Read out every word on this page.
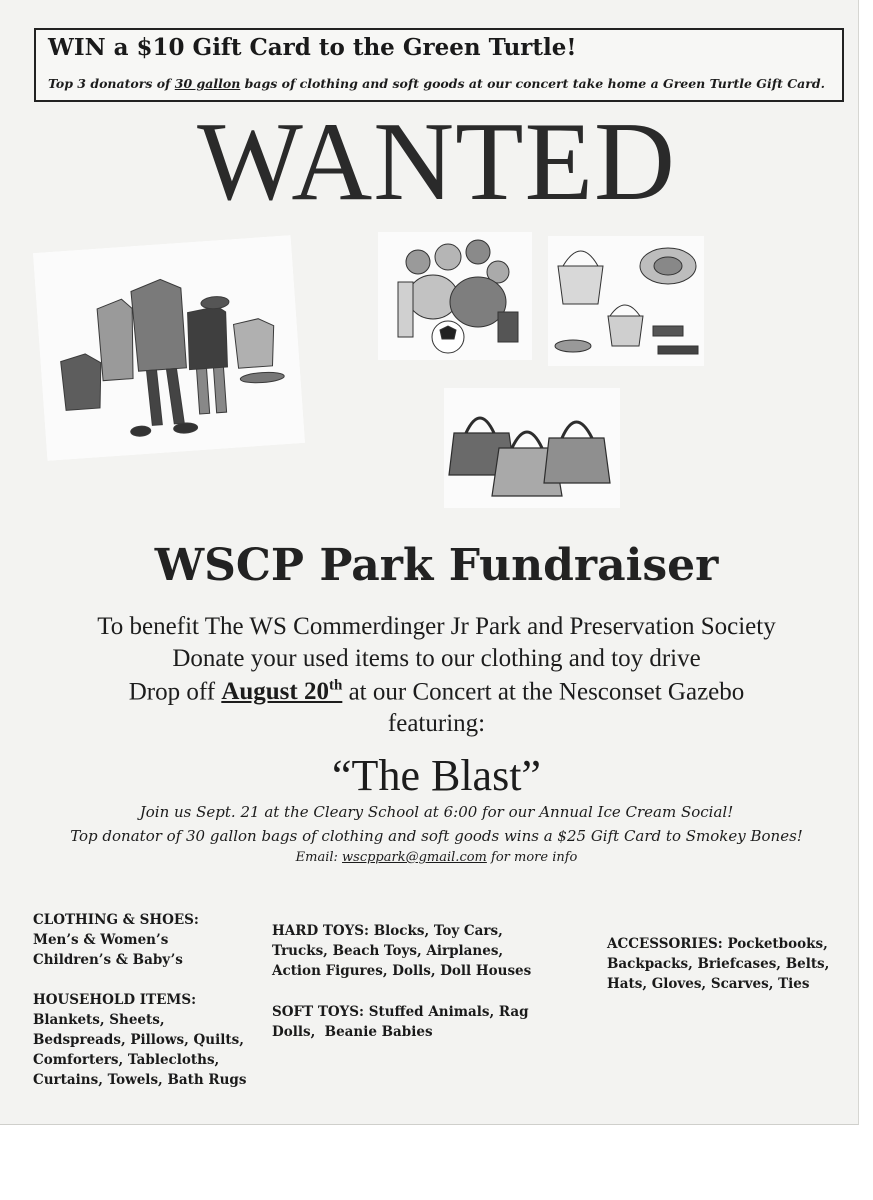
WIN a $10 Gift Card to the Green Turtle!
Top 3 donators of 30 gallon bags of clothing and soft goods at our concert take home a Green Turtle Gift Card.
WANTED
WSCP Park Fundraiser
To benefit The WS Commerdinger Jr Park and Preservation Society
Donate your used items to our clothing and toy drive
Drop off August 20th at our Concert at the Nesconset Gazebo
featuring:
“The Blast”
Join us Sept. 21 at the Cleary School at 6:00 for our Annual Ice Cream Social!
Top donator of 30 gallon bags of clothing and soft goods wins a $25 Gift Card to Smokey Bones!
Email: wscppark@gmail.com for more info
CLOTHING & SHOES:
Men’s & Women’s
Children’s & Baby’s
HOUSEHOLD ITEMS:
Blankets, Sheets,
Bedspreads, Pillows, Quilts,
Comforters, Tablecloths,
Curtains, Towels, Bath Rugs
HARD TOYS: Blocks, Toy Cars,
Trucks, Beach Toys, Airplanes,
Action Figures, Dolls, Doll Houses
SOFT TOYS: Stuffed Animals, Rag
Dolls,  Beanie Babies
ACCESSORIES: Pocketbooks,
Backpacks, Briefcases, Belts,
Hats, Gloves, Scarves, Ties
